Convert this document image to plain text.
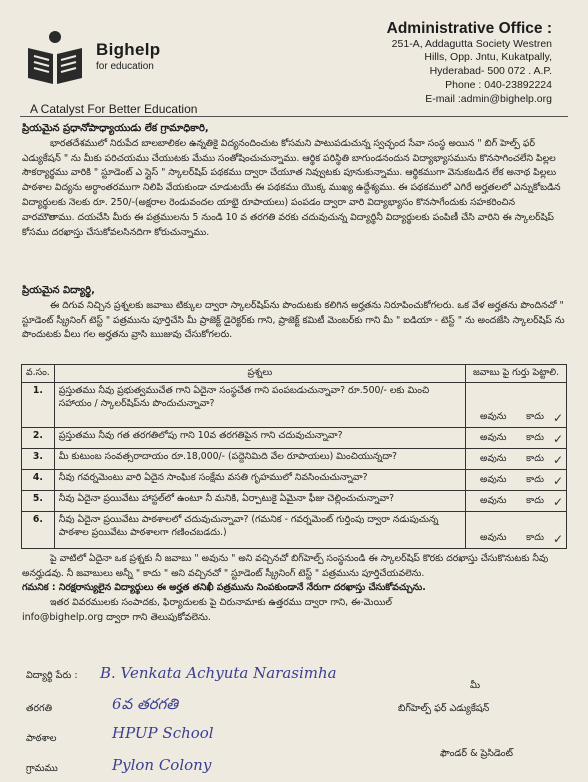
Bighelp
for education
A Catalyst For Better Education
Administrative Office :
251-A, Addagutta Society Westren
Hills, Opp. Jntu, Kukatpally,
Hyderabad- 500 072 . A.P.
Phone : 040-23892224
E-mail :admin@bighelp.org
ప్రియమైన ప్రధానోపాధ్యాయుడు లేక గ్రామాధికారి,

భారతదేశములో నిరుపేద బాలబాలికల ఉన్నతికై విద్యనందించుట కోసమని పాటుపడుచున్న స్వచ్ఛంద సేవా సంస్థ అయిన " బిగ్ హెల్ప్ ఫర్ ఎడ్యుకేషన్ " ను మీకు పరిచయము చేయుటకు మేము సంతోషించుచున్నాము. ఆర్థిక పరిస్థితి బాగుండనందున విద్యాభ్యాసమును కొనసాగించలేని పిల్లల సౌకర్యార్థము వారికి " స్టూడెంట్ ఎ స్లైస్ " స్కాలర్‌షిప్ పథకము ద్వారా చేయూత నివ్వుటకు పూనుకున్నాము. ఆర్థికముగా వెనుకబడిన లేక అనాథ పిల్లలు పాఠశాల విద్యను అర్ధాంతరముగా నిలిపి వేయకుండా చూడుటయే ఈ పథకము యొక్క ముఖ్య ఉద్దేశ్యము. ఈ పథకములో ఎగిరే అర్హతలలో ఎన్నుకోబడిన విద్యార్థులకు నెలకు రూ. 250/-(అక్షరాల రెండువందల యాభై రూపాయలు) పంపడం ద్వారా వారి విద్యాభ్యాసం కొనసాగేందుకు సహకరించిన వారమౌతాము. దయచేసి మీరు ఈ పత్రములను 5 నుండి 10 వ తరగతి వరకు చదువుచున్న విద్యార్థినీ విద్యార్థులకు పంపిణీ చేసి వారిని ఈ స్కాలర్‌షిప్ కోసము దరఖాస్తు చేసుకోవలసినదిగా కోరుచున్నాము.

ప్రియమైన విద్యార్థి,

ఈ దిగువ నిచ్చిన ప్రశ్నలకు జవాబు టిక్కుల ద్వారా స్కాలర్‌షిప్‌ను పొందుటకు కలిగిన అర్హతను నిరూపించుకోగలరు. ఒక వేళ అర్హతను పొందినచో " స్టూడెంట్ స్క్రీనింగ్ టెస్ట్ " పత్రమును పూర్తిచేసి మీ ప్రాజెక్ట్ డైరెక్టర్‌కు గాని, ప్రాజెక్ట్ కమిటీ మెంబర్‌కు గాని మీ " ఐడియా - టెస్ట్ " ను అందజేసి స్కాలర్‌షిప్ ను పొందుటకు వీలు గల అర్హతను వ్రాసి ఋజువు చేసుకోగలరు.

వ.సం.	ప్రశ్నలు	జవాబు పై గుర్తు పెట్టాలి.
1.	ప్రస్తుతము నీవు ప్రభుత్వముచేత గాని ఏదైనా సంస్థచేత గాని పంపబడుచున్నావా? రూ.500/- లకు మించి సహాయం / స్కాలర్‌షిప్‌ను పొందుచున్నావా?	అవును కాదు ✓

2.	ప్రస్తుతము నీవు గత తరగతిలోపు గాని 10వ తరగతిపైన గాని చదువుచున్నావా?	అవును కాదు ✓

3.	మీ కుటుంబ సంవత్సరాదాయం రూ.18,000/- (పద్దెనిమిది వేల రూపాయలు) మించియున్నదా?	అవును కాదు ✓

4.	నీవు గవర్నమెంటు వారి ఏదైన సాంఘిక సంక్షేమ వసతి గృహములో నివసించుచున్నావా?	అవును కాదు ✓

5.	నీవు ఏదైనా ప్రయివేటు హాస్టల్‌లో ఉంటూ నీ మనికి, ఏర్పాటుకై ఏమైనా ఫీజు చెల్లించుచున్నావా?	అవును కాదు ✓

6.	నీవు ఏదైనా ప్రయివేటు పాఠశాలలో చదువుచున్నావా? (గమనిక - గవర్నమెంట్ గుర్తింపు ద్వారా నడుపుచున్న పాఠశాల ప్రయివేటు పాఠశాలగా గణించబడదు.)	అవును కాదు ✓
పై వాటిలో ఏదైనా ఒక ప్రశ్నకు నీ జవాబు " అవును " అని వచ్చినచో బిగ్‌హెల్ప్ సంస్థనుండి ఈ స్కాలర్‌షిప్ కొరకు దరఖాస్తు చేసుకొనుటకు నీవు అనర్హుడవు. నీ జవాబులు అన్నీ " కాదు " అని వచ్చినచో " స్టూడెంట్ స్క్రీనింగ్ టెస్ట్ " పత్రమును పూర్తిచేయవలెను.
గమనిక : నిరక్షరాస్యులైన విద్యార్థులు ఈ అర్హత తనిఖీ పత్రమును నింపకుండానే నేరుగా దరఖాస్తు చేసుకోవచ్చును.
ఇతర వివరములకు సంపాదకు, ఫిర్యాదులకు పై చిరునామాకు ఉత్తరము ద్వారా గాని, ఈ-మెయిల్
info@bighelp.org ద్వారా గాని తెలుపుకోవలెను.
విద్యార్థి పేరు : B. Venkata Achyuta Narasimha
మీ
తరగతి	6వ తరగతి	బిగ్‌హెల్ప్ ఫర్ ఎడ్యుకేషన్
పాఠశాల	HPUP School
ఫౌండర్ & ప్రెసిడెంట్
గ్రామము	Pylon Colony
